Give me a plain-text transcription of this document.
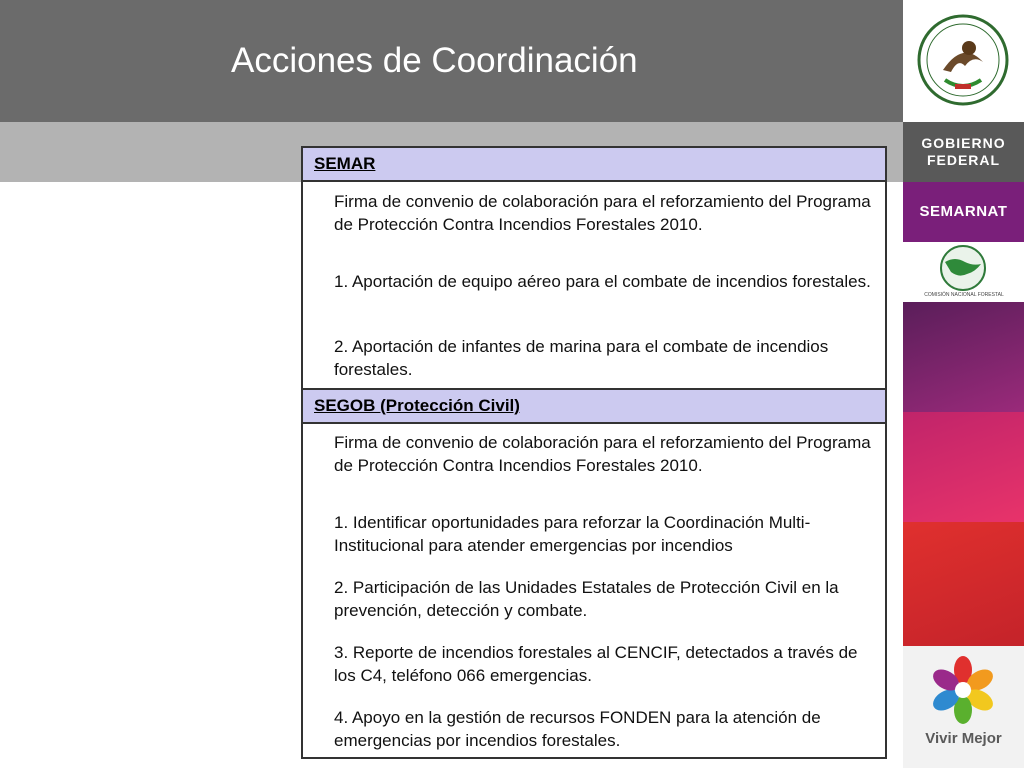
Acciones de Coordinación
GOBIERNO
FEDERAL
SEMARNAT
COMISIÓN NACIONAL FORESTAL
Vivir Mejor
SEMAR
Firma de convenio de colaboración para el reforzamiento del Programa de Protección Contra Incendios Forestales 2010.
1. Aportación de equipo aéreo para el combate de incendios forestales.
2. Aportación de infantes de marina para el combate de incendios forestales.
SEGOB (Protección Civil)
Firma de convenio de colaboración para el reforzamiento del Programa de Protección Contra Incendios Forestales 2010.
1. Identificar oportunidades para reforzar la Coordinación Multi-Institucional para atender emergencias por incendios
2. Participación de las Unidades Estatales de Protección Civil en la prevención, detección y combate.
3. Reporte de incendios forestales al CENCIF, detectados a través de los C4, teléfono 066 emergencias.
4. Apoyo en la gestión de recursos FONDEN para la atención de emergencias por incendios forestales.
